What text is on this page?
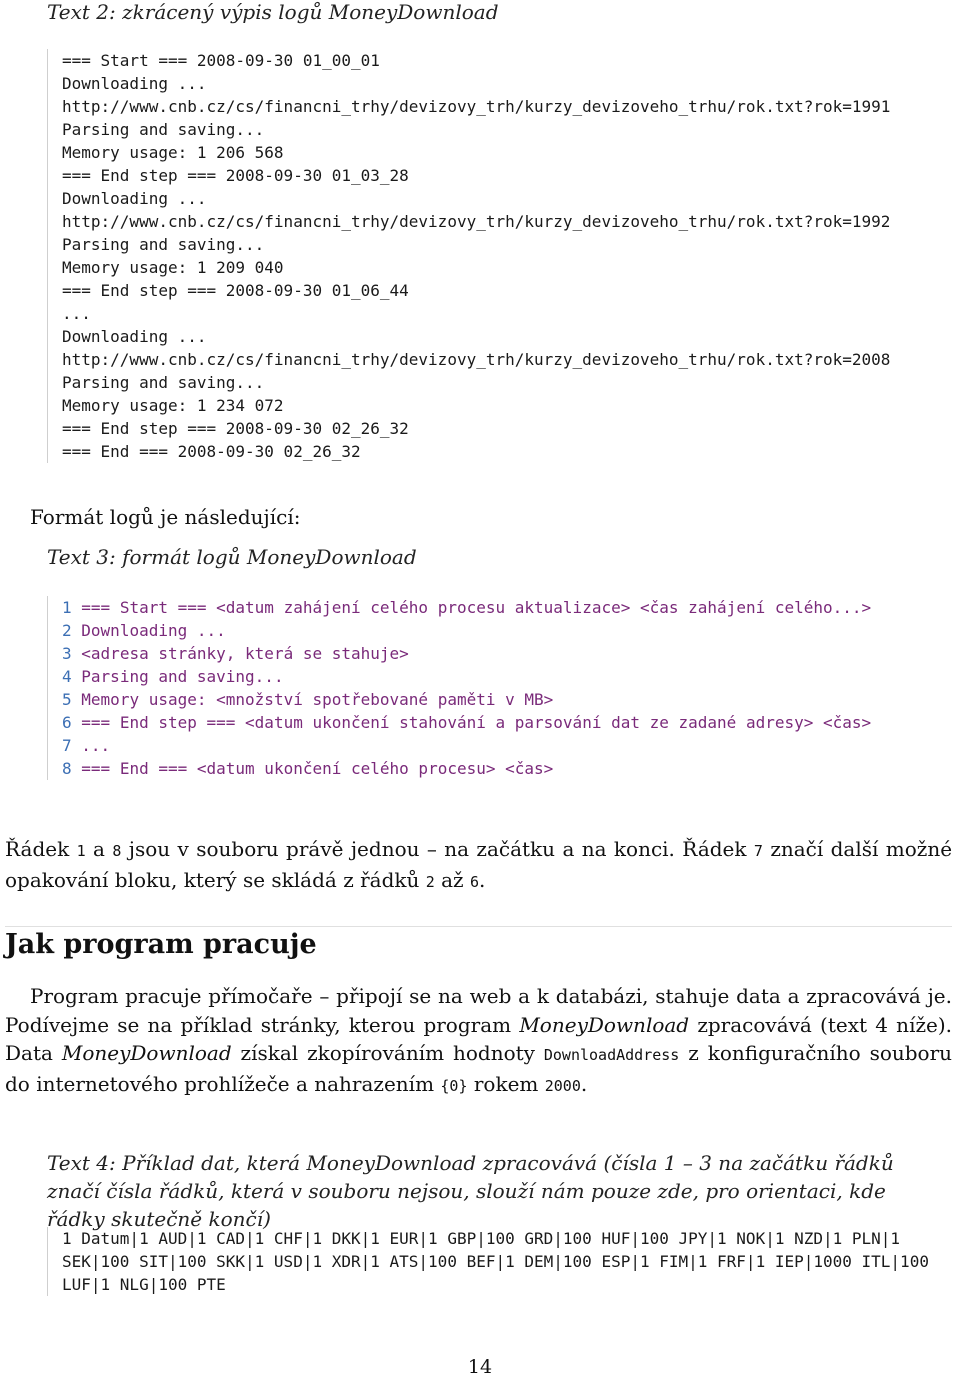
Text 2: zkrácený výpis logů MoneyDownload
=== Start === 2008-09-30 01_00_01
Downloading ...
http://www.cnb.cz/cs/financni_trhy/devizovy_trh/kurzy_devizoveho_trhu/rok.txt?rok=1991
Parsing and saving...
Memory usage: 1 206 568
=== End step === 2008-09-30 01_03_28
Downloading ...
http://www.cnb.cz/cs/financni_trhy/devizovy_trh/kurzy_devizoveho_trhu/rok.txt?rok=1992
Parsing and saving...
Memory usage: 1 209 040
=== End step === 2008-09-30 01_06_44
...
Downloading ...
http://www.cnb.cz/cs/financni_trhy/devizovy_trh/kurzy_devizoveho_trhu/rok.txt?rok=2008
Parsing and saving...
Memory usage: 1 234 072
=== End step === 2008-09-30 02_26_32
=== End === 2008-09-30 02_26_32
Formát logů je následující:
Text 3: formát logů MoneyDownload
1 === Start === <datum zahájení celého procesu aktualizace> <čas zahájení celého...>
2 Downloading ...
3 <adresa stránky, která se stahuje>
4 Parsing and saving...
5 Memory usage: <množství spotřebované paměti v MB>
6 === End step === <datum ukončení stahování a parsování dat ze zadané adresy> <čas>
7 ...
8 === End === <datum ukončení celého procesu> <čas>
Řádek 1 a 8 jsou v souboru právě jednou – na začátku a na konci. Řádek 7 značí další možné opakování bloku, který se skládá z řádků 2 až 6.
Jak program pracuje
Program pracuje přímočaře – připojí se na web a k databázi, stahuje data a zpracovává je. Podívejme se na příklad stránky, kterou program MoneyDownload zpracovává (text 4 níže). Data MoneyDownload získal zkopírováním hodnoty DownloadAddress z konfiguračního souboru do internetového prohlížeče a nahrazením {0} rokem 2000.
Text 4: Příklad dat, která MoneyDownload zpracovává (čísla 1 – 3 na začátku řádků značí čísla řádků, která v souboru nejsou, slouží nám pouze zde, pro orientaci, kde řádky skutečně končí)
1 Datum|1 AUD|1 CAD|1 CHF|1 DKK|1 EUR|1 GBP|100 GRD|100 HUF|100 JPY|1 NOK|1 NZD|1 PLN|1
SEK|100 SIT|100 SKK|1 USD|1 XDR|1 ATS|100 BEF|1 DEM|100 ESP|1 FIM|1 FRF|1 IEP|1000 ITL|100
LUF|1 NLG|100 PTE
14
